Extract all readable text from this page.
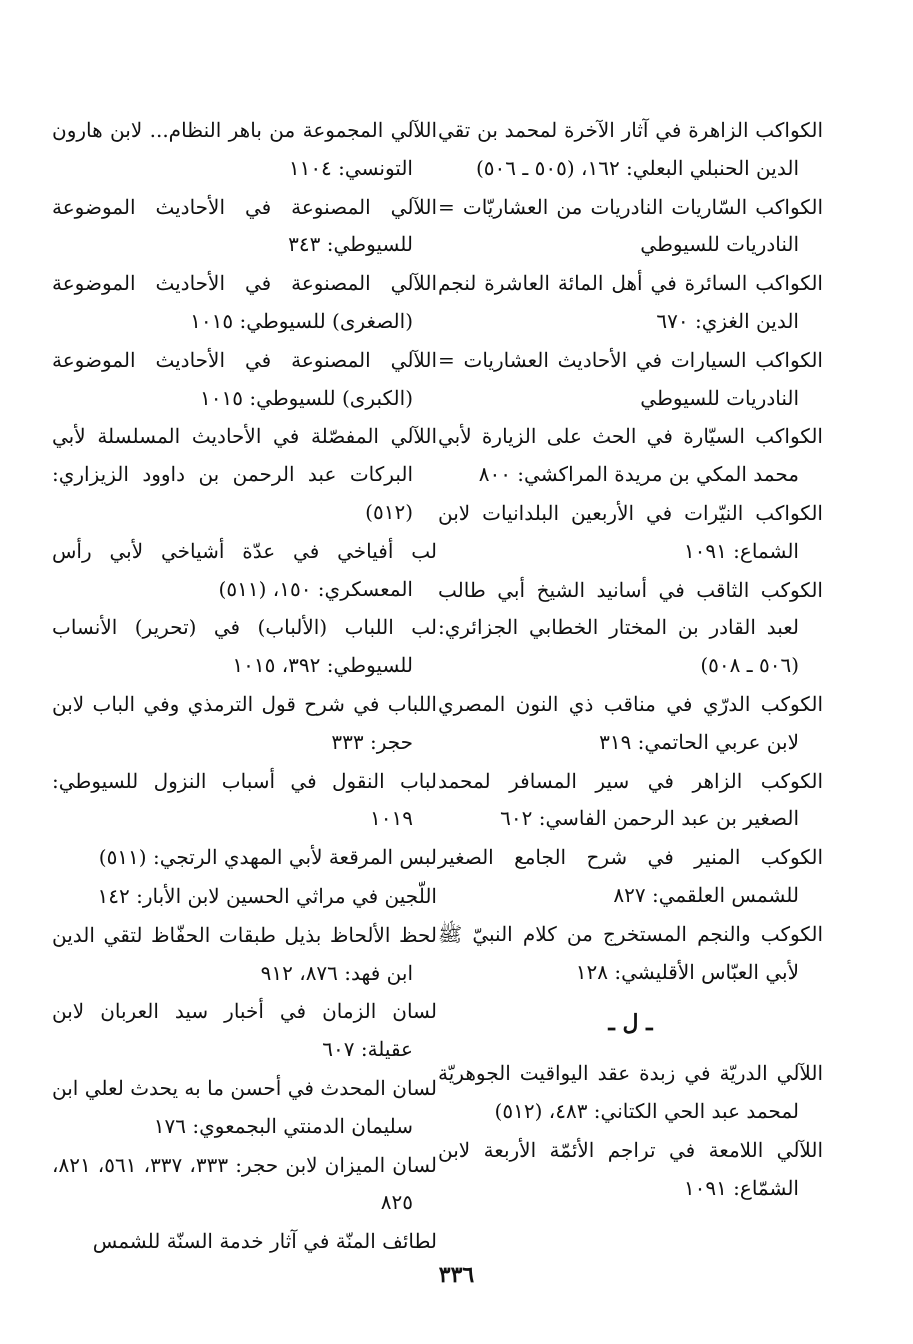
الكواكب الزاهرة في آثار الآخرة لمحمد بن تقي الدين الحنبلي البعلي: ١٦٢، (٥٠٥ ـ ٥٠٦)
الكواكب السّاريات النادريات من العشاريّات = النادريات للسيوطي
الكواكب السائرة في أهل المائة العاشرة لنجم الدين الغزي: ٦٧٠
الكواكب السيارات في الأحاديث العشاريات = النادريات للسيوطي
الكواكب السيّارة في الحث على الزيارة لأبي محمد المكي بن مريدة المراكشي: ٨٠٠
الكواكب النيّرات في الأربعين البلدانيات لابن الشماع: ١٠٩١
الكوكب الثاقب في أسانيد الشيخ أبي طالب لعبد القادر بن المختار الخطابي الجزائري: (٥٠٦ ـ ٥٠٨)
الكوكب الدرّي في مناقب ذي النون المصري لابن عربي الحاتمي: ٣١٩
الكوكب الزاهر في سير المسافر لمحمد الصغير بن عبد الرحمن الفاسي: ٦٠٢
الكوكب المنير في شرح الجامع الصغير للشمس العلقمي: ٨٢٧
الكوكب والنجم المستخرج من كلام النبيّ ﷺ لأبي العبّاس الأقليشي: ١٢٨
ـ ل ـ
اللآلي الدريّة في زبدة عقد اليواقيت الجوهريّة لمحمد عبد الحي الكتاني: ٤٨٣، (٥١٢)
اللآلي اللامعة في تراجم الأئمّة الأربعة لابن الشمّاع: ١٠٩١
اللآلي المجموعة من باهر النظام... لابن هارون التونسي: ١١٠٤
اللآلي المصنوعة في الأحاديث الموضوعة للسيوطي: ٣٤٣
اللآلي المصنوعة في الأحاديث الموضوعة (الصغرى) للسيوطي: ١٠١٥
اللآلي المصنوعة في الأحاديث الموضوعة (الكبرى) للسيوطي: ١٠١٥
اللآلي المفصّلة في الأحاديث المسلسلة لأبي البركات عبد الرحمن بن داوود الزيزاري: (٥١٢)
لب أفياخي في عدّة أشياخي لأبي رأس المعسكري: ١٥٠، (٥١١)
لب اللباب (الألباب) في (تحرير) الأنساب للسيوطي: ٣٩٢، ١٠١٥
اللباب في شرح قول الترمذي وفي الباب لابن حجر: ٣٣٣
لباب النقول في أسباب النزول للسيوطي: ١٠١٩
لبس المرقعة لأبي المهدي الرتجي: (٥١١)
اللّجين في مراثي الحسين لابن الأبار: ١٤٢
لحظ الألحاظ بذيل طبقات الحفّاظ لتقي الدين ابن فهد: ٨٧٦، ٩١٢
لسان الزمان في أخبار سيد العربان لابن عقيلة: ٦٠٧
لسان المحدث في أحسن ما به يحدث لعلي ابن سليمان الدمنتي البجمعوي: ١٧٦
لسان الميزان لابن حجر: ٣٣٣، ٣٣٧، ٥٦١، ٨٢١، ٨٢٥
لطائف المنّة في آثار خدمة السنّة للشمس
٣٣٦
